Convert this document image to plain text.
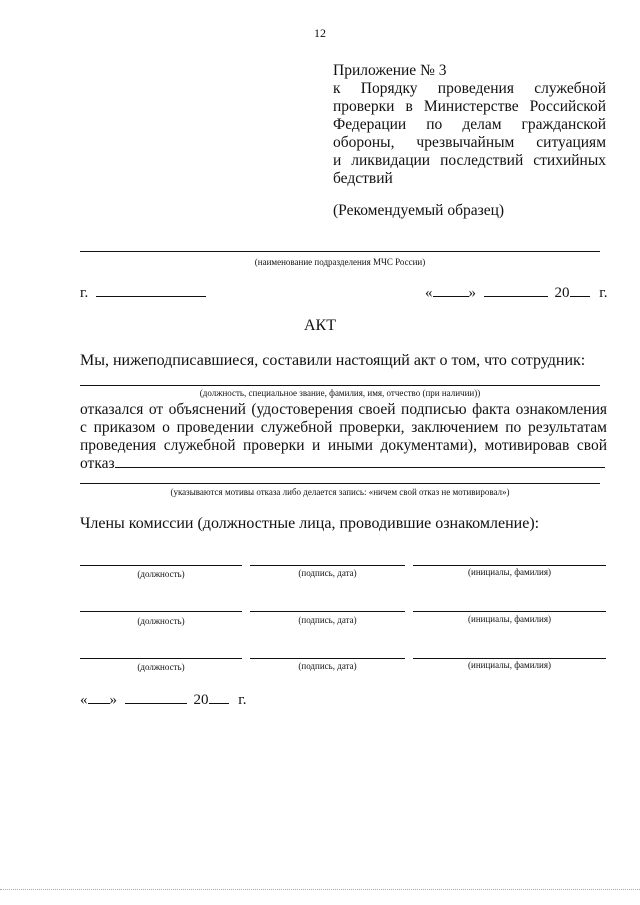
12
Приложение № 3
к Порядку проведения служебной
проверки в Министерстве Российской
Федерации по делам гражданской
обороны, чрезвычайным ситуациям
и ликвидации последствий стихийных
бедствий
(Рекомендуемый образец)
(наименование подразделения МЧС России)
г.	« »	20 г.
АКТ
Мы, нижеподписавшиеся, составили настоящий акт о том, что сотрудник:
(должность, специальное звание, фамилия, имя, отчество (при наличии))
отказался от объяснений (удостоверения своей подписью факта ознакомления
с приказом о проведении служебной проверки, заключением по результатам
проведения служебной проверки и иными документами), мотивировав свой
отказ
(указываются мотивы отказа либо делается запись: «ничем свой отказ не мотивировал»)
Члены комиссии (должностные лица, проводившие ознакомление):
(должность)	(подпись, дата)	(инициалы, фамилия)
(должность)	(подпись, дата)	(инициалы, фамилия)
(должность)	(подпись, дата)	(инициалы, фамилия)
« »	20 г.
